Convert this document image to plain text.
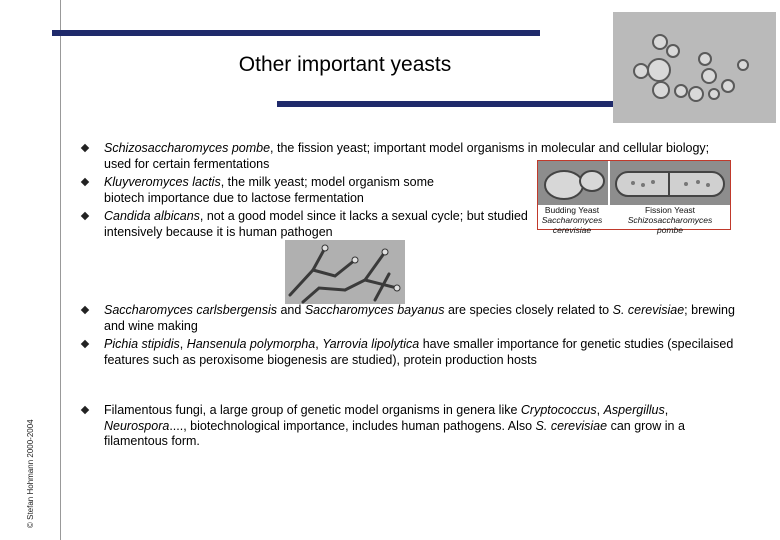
Other important yeasts
© Stefan Hohmann 2000-2004
Budding Yeast
Saccharomyces
cerevisiae
Fission Yeast
Schizosaccharomyces
pombe
Schizosaccharomyces pombe, the fission yeast; important model organisms in molecular and cellular biology; used for certain fermentations
Kluyveromyces lactis, the milk yeast; model organism some biotech importance due to lactose fermentation
Candida albicans, not a good model since it lacks a sexual cycle; but studied intensively because it is human pathogen
Saccharomyces carlsbergensis and Saccharomyces bayanus are species closely related to S. cerevisiae; brewing and wine making
Pichia stipidis, Hansenula polymorpha, Yarrovia lipolytica have smaller importance for genetic studies (specilaised features such as peroxisome biogenesis are studied), protein production hosts
Filamentous fungi, a large group of genetic model organisms in genera like Cryptococcus, Aspergillus, Neurospora...., biotechnological importance, includes human pathogens. Also S. cerevisiae can grow in a filamentous form.
